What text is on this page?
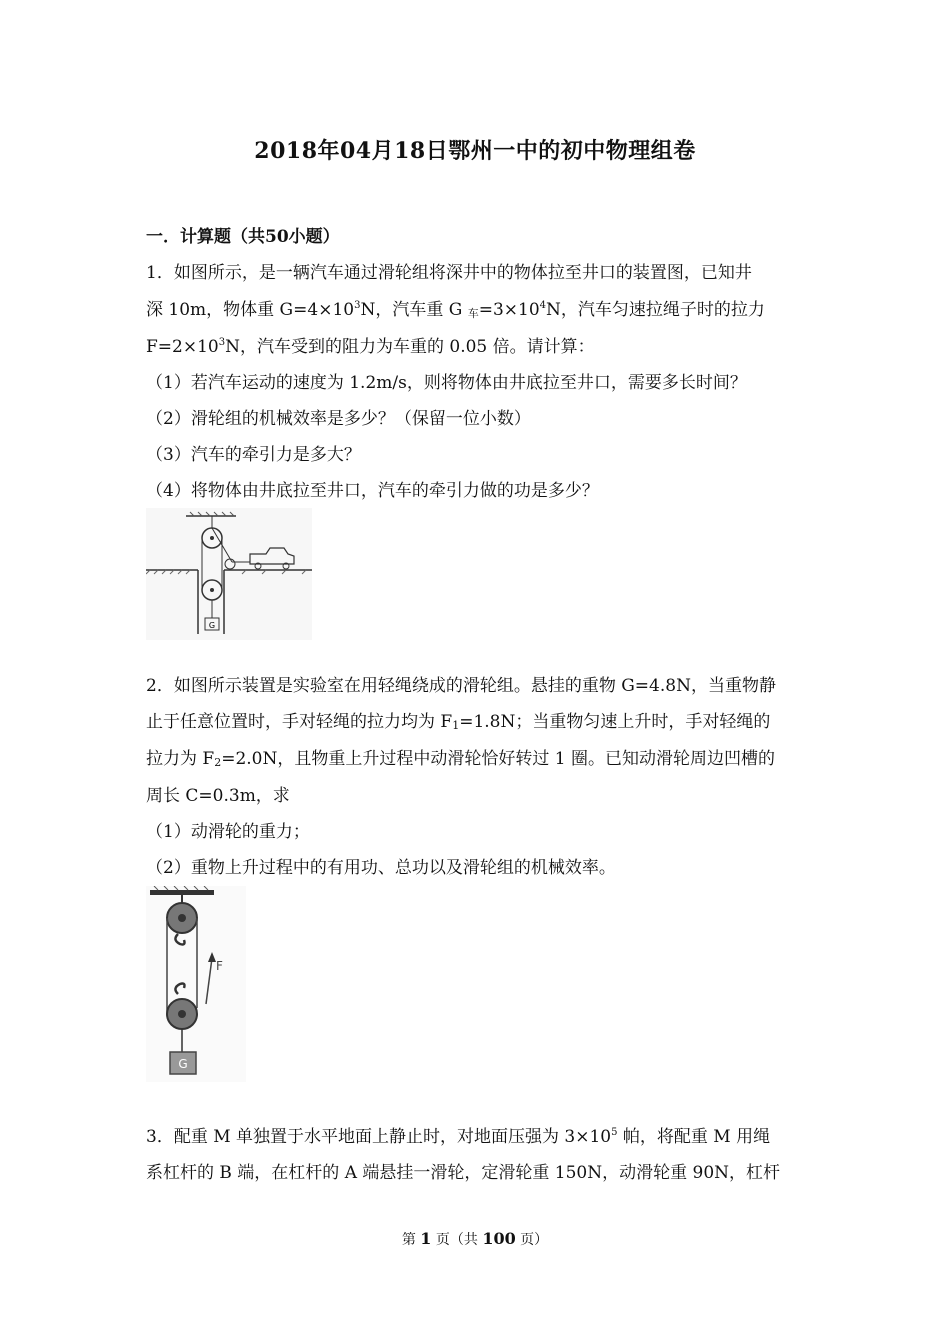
2018年04月18日鄂州一中的初中物理组卷
一．计算题（共50小题）
1．如图所示，是一辆汽车通过滑轮组将深井中的物体拉至井口的装置图，已知井
深 10m，物体重 $G=4\times 10^3N$，汽车重 G 车$=3\times 10^4N$，汽车匀速拉绳子时的拉力
$F=2\times 10^3N$，汽车受到的阻力为车重的 0.05 倍。请计算：
（1）若汽车运动的速度为 1.2m/s，则将物体由井底拉至井口，需要多长时间？
（2）滑轮组的机械效率是多少？（保留一位小数）
（3）汽车的牵引力是多大？
（4）将物体由井底拉至井口，汽车的牵引力做的功是多少？
G
2．如图所示装置是实验室在用轻绳绕成的滑轮组。悬挂的重物 G=4.8N，当重物静
止于任意位置时，手对轻绳的拉力均为 F1=1.8N；当重物匀速上升时，手对轻绳的
拉力为 F2=2.0N，且物重上升过程中动滑轮恰好转过 1 圈。已知动滑轮周边凹槽的
周长 C=0.3m，求
（1）动滑轮的重力；
（2）重物上升过程中的有用功、总功以及滑轮组的机械效率。
F
G
3．配重 M 单独置于水平地面上静止时，对地面压强为 $3\times 10^5$ 帕，将配重 M 用绳
系杠杆的 B 端，在杠杆的 A 端悬挂一滑轮，定滑轮重 150N，动滑轮重 90N，杠杆
第 1 页（共 100 页）
